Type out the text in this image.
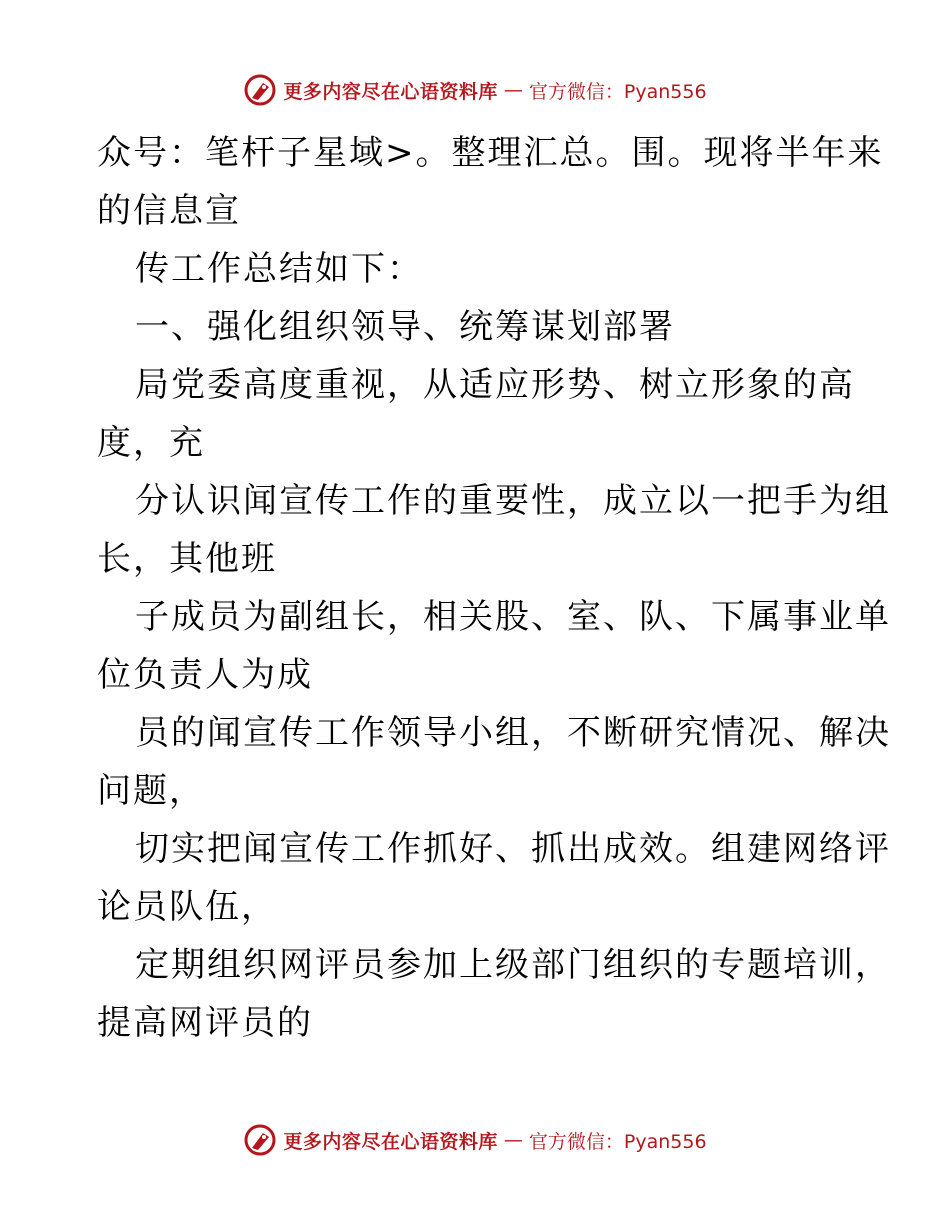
更多内容尽在心语资料库 — 官方微信：Pyan556
众号：笔杆子星域>。整理汇总。围。现将半年来
的信息宣
传工作总结如下：
一、强化组织领导、统筹谋划部署
局党委高度重视，从适应形势、树立形象的高
度，充
分认识闻宣传工作的重要性，成立以一把手为组
长，其他班
子成员为副组长，相关股、室、队、下属事业单
位负责人为成
员的闻宣传工作领导小组，不断研究情况、解决
问题，
切实把闻宣传工作抓好、抓出成效。组建网络评
论员队伍，
定期组织网评员参加上级部门组织的专题培训，
提高网评员的
更多内容尽在心语资料库 — 官方微信：Pyan556
